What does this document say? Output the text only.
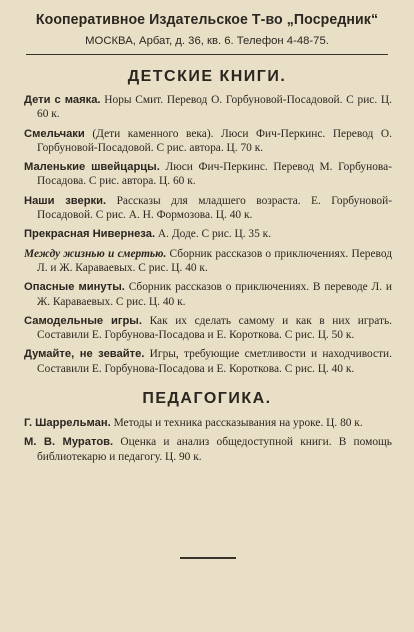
Кооперативное Издательское Т-во „Посредник“
МОСКВА, Арбат, д. 36, кв. 6. Телефон 4-48-75.
ДЕТСКИЕ КНИГИ.

Дети с маяка. Норы Смит. Перевод О. Горбуновой-Посадовой. С рис. Ц. 60 к.

Смельчаки (Дети каменного века). Люси Фич-Перкинс. Перевод О. Горбуновой-Посадовой. С рис. автора. Ц. 70 к.

Маленькие швейцарцы. Люси Фич-Перкинс. Перевод М. Горбунова-Посадова. С рис. автора. Ц. 60 к.

Наши зверки. Рассказы для младшего возраста. Е. Горбуновой-Посадовой. С рис. А. Н. Формозова. Ц. 40 к.

Прекрасная Нивернеза. А. Доде. С рис. Ц. 35 к.

Между жизнью и смертью. Сборник рассказов о приключениях. Перевод Л. и Ж. Караваевых. С рис. Ц. 40 к.

Опасные минуты. Сборник рассказов о приключениях. В переводе Л. и Ж. Караваевых. С рис. Ц. 40 к.

Самодельные игры. Как их сделать самому и как в них играть. Составили Е. Горбунова-Посадова и Е. Короткова. С рис. Ц. 50 к.

Думайте, не зевайте. Игры, требующие сметливости и находчивости. Составили Е. Горбунова-Посадова и Е. Короткова. С рис. Ц. 40 к.

ПЕДАГОГИКА.

Г. Шаррельман. Методы и техника рассказывания на уроке. Ц. 80 к.

М. В. Муратов. Оценка и анализ общедоступной книги. В помощь библиотекарю и педагогу. Ц. 90 к.
